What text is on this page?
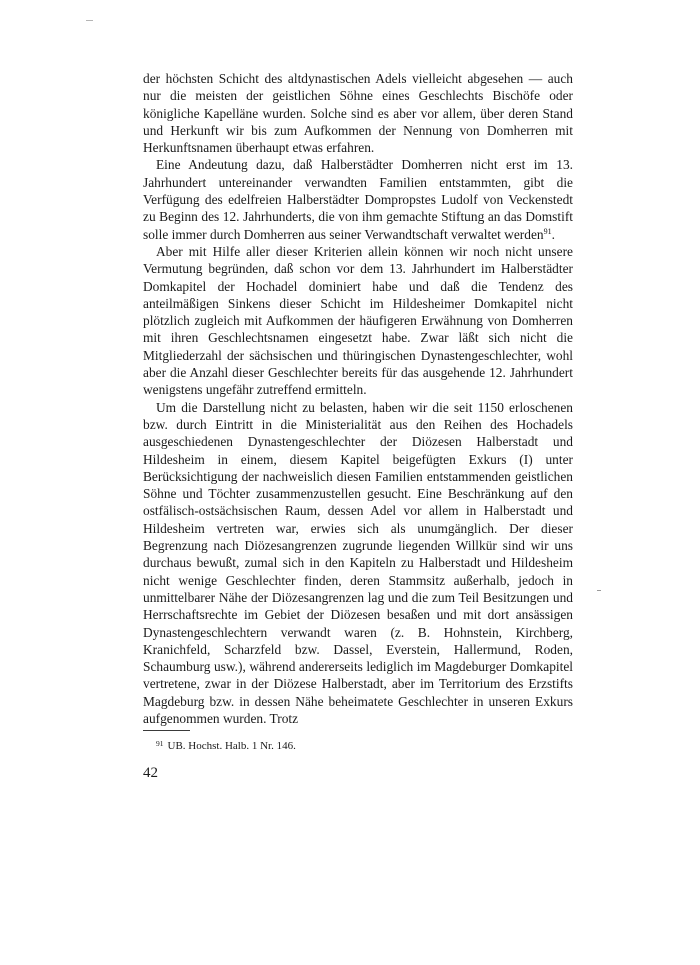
der höchsten Schicht des altdynastischen Adels vielleicht abgesehen — auch nur die meisten der geistlichen Söhne eines Geschlechts Bischöfe oder königliche Kapelläne wurden. Solche sind es aber vor allem, über deren Stand und Herkunft wir bis zum Aufkommen der Nennung von Domherren mit Herkunftsnamen überhaupt etwas erfahren.

Eine Andeutung dazu, daß Halberstädter Domherren nicht erst im 13. Jahrhundert untereinander verwandten Familien entstammten, gibt die Verfügung des edelfreien Halberstädter Dompropstes Ludolf von Veckenstedt zu Beginn des 12. Jahrhunderts, die von ihm gemachte Stiftung an das Domstift solle immer durch Domherren aus seiner Verwandtschaft verwaltet werden$^{91}$.

Aber mit Hilfe aller dieser Kriterien allein können wir noch nicht unsere Vermutung begründen, daß schon vor dem 13. Jahrhundert im Halberstädter Domkapitel der Hochadel dominiert habe und daß die Tendenz des anteilmäßigen Sinkens dieser Schicht im Hildesheimer Domkapitel nicht plötzlich zugleich mit Aufkommen der häufigeren Erwähnung von Domherren mit ihren Geschlechtsnamen eingesetzt habe. Zwar läßt sich nicht die Mitgliederzahl der sächsischen und thüringischen Dynastengeschlechter, wohl aber die Anzahl dieser Geschlechter bereits für das ausgehende 12. Jahrhundert wenigstens ungefähr zutreffend ermitteln.

Um die Darstellung nicht zu belasten, haben wir die seit 1150 erloschenen bzw. durch Eintritt in die Ministerialität aus den Reihen des Hochadels ausgeschiedenen Dynastengeschlechter der Diözesen Halberstadt und Hildesheim in einem, diesem Kapitel beigefügten Exkurs (I) unter Berücksichtigung der nachweislich diesen Familien entstammenden geistlichen Söhne und Töchter zusammenzustellen gesucht. Eine Beschränkung auf den ostfälisch-ostsächsischen Raum, dessen Adel vor allem in Halberstadt und Hildesheim vertreten war, erwies sich als unumgänglich. Der dieser Begrenzung nach Diözesangrenzen zugrunde liegenden Willkür sind wir uns durchaus bewußt, zumal sich in den Kapiteln zu Halberstadt und Hildesheim nicht wenige Geschlechter finden, deren Stammsitz außerhalb, jedoch in unmittelbarer Nähe der Diözesangrenzen lag und die zum Teil Besitzungen und Herrschaftsrechte im Gebiet der Diözesen besaßen und mit dort ansässigen Dynastengeschlechtern verwandt waren (z. B. Hohnstein, Kirchberg, Kranichfeld, Scharzfeld bzw. Dassel, Everstein, Hallermund, Roden, Schaumburg usw.), während andererseits lediglich im Magdeburger Domkapitel vertretene, zwar in der Diözese Halberstadt, aber im Territorium des Erzstifts Magdeburg bzw. in dessen Nähe beheimatete Geschlechter in unseren Exkurs aufgenommen wurden. Trotz

$^{91}$ UB. Hochst. Halb. 1 Nr. 146.
42
